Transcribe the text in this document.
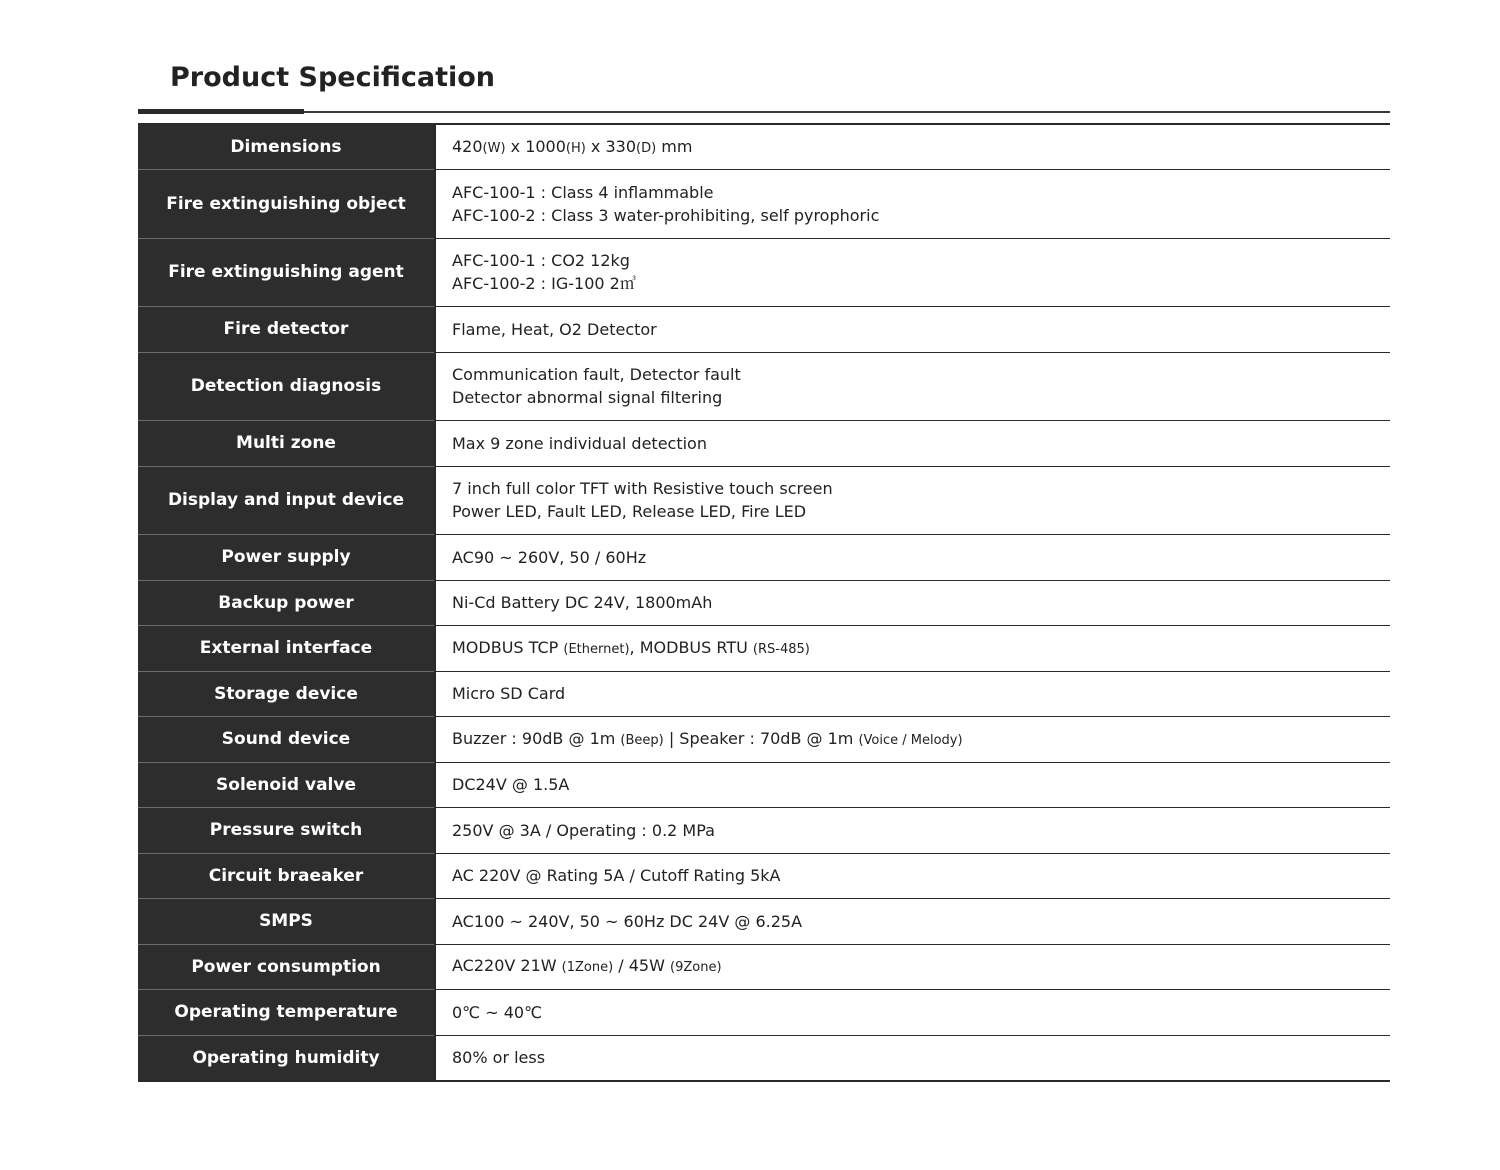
Product Specification
Dimensions	420(W) x 1000(H) x 330(D) mm

Fire extinguishing object	AFC-100-1 : Class 4 inflammable
AFC-100-2 : Class 3 water-prohibiting, self pyrophoric

Fire extinguishing agent	AFC-100-1 : CO2 12kg
AFC-100-2 : IG-100 2㎥

Fire detector	Flame, Heat, O2 Detector

Detection diagnosis	Communication fault, Detector fault
Detector abnormal signal filtering

Multi zone	Max 9 zone individual detection

Display and input device	7 inch full color TFT with Resistive touch screen
Power LED, Fault LED, Release LED, Fire LED

Power supply	AC90 ~ 260V, 50 / 60Hz

Backup power	Ni-Cd Battery DC 24V, 1800mAh

External interface	MODBUS TCP (Ethernet), MODBUS RTU (RS-485)

Storage device	Micro SD Card

Sound device	Buzzer : 90dB @ 1m (Beep) | Speaker : 70dB @ 1m (Voice / Melody)

Solenoid valve	DC24V @ 1.5A

Pressure switch	250V @ 3A / Operating : 0.2 MPa

Circuit braeaker	AC 220V @ Rating 5A / Cutoff Rating 5kA

SMPS	AC100 ~ 240V, 50 ~ 60Hz DC 24V @ 6.25A

Power consumption	AC220V 21W (1Zone) / 45W (9Zone)

Operating temperature	0℃ ~ 40℃

Operating humidity	80% or less
